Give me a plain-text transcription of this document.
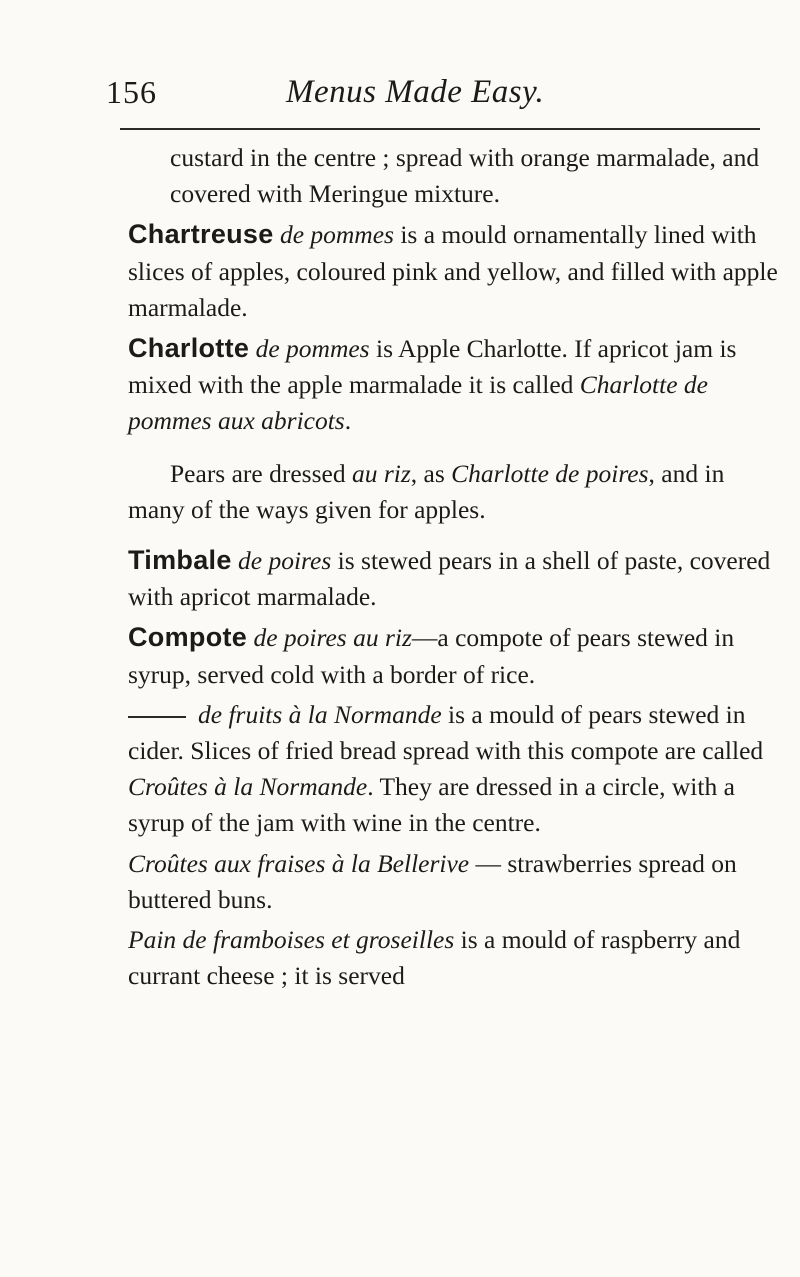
156	Menus Made Easy.

custard in the centre ; spread with orange marmalade, and covered with Meringue mixture.

Chartreuse de pommes is a mould ornamentally lined with slices of apples, coloured pink and yellow, and filled with apple marmalade.

Charlotte de pommes is Apple Charlotte. If apricot jam is mixed with the apple marmalade it is called Charlotte de pommes aux abricots.

Pears are dressed au riz, as Charlotte de poires, and in many of the ways given for apples.

Timbale de poires is stewed pears in a shell of paste, covered with apricot marmalade.

Compote de poires au riz—a compote of pears stewed in syrup, served cold with a border of rice.

de fruits à la Normande is a mould of pears stewed in cider. Slices of fried bread spread with this compote are called Croûtes à la Normande. They are dressed in a circle, with a syrup of the jam with wine in the centre.

Croûtes aux fraises à la Bellerive — strawberries spread on buttered buns.

Pain de framboises et groseilles is a mould of raspberry and currant cheese ; it is served
